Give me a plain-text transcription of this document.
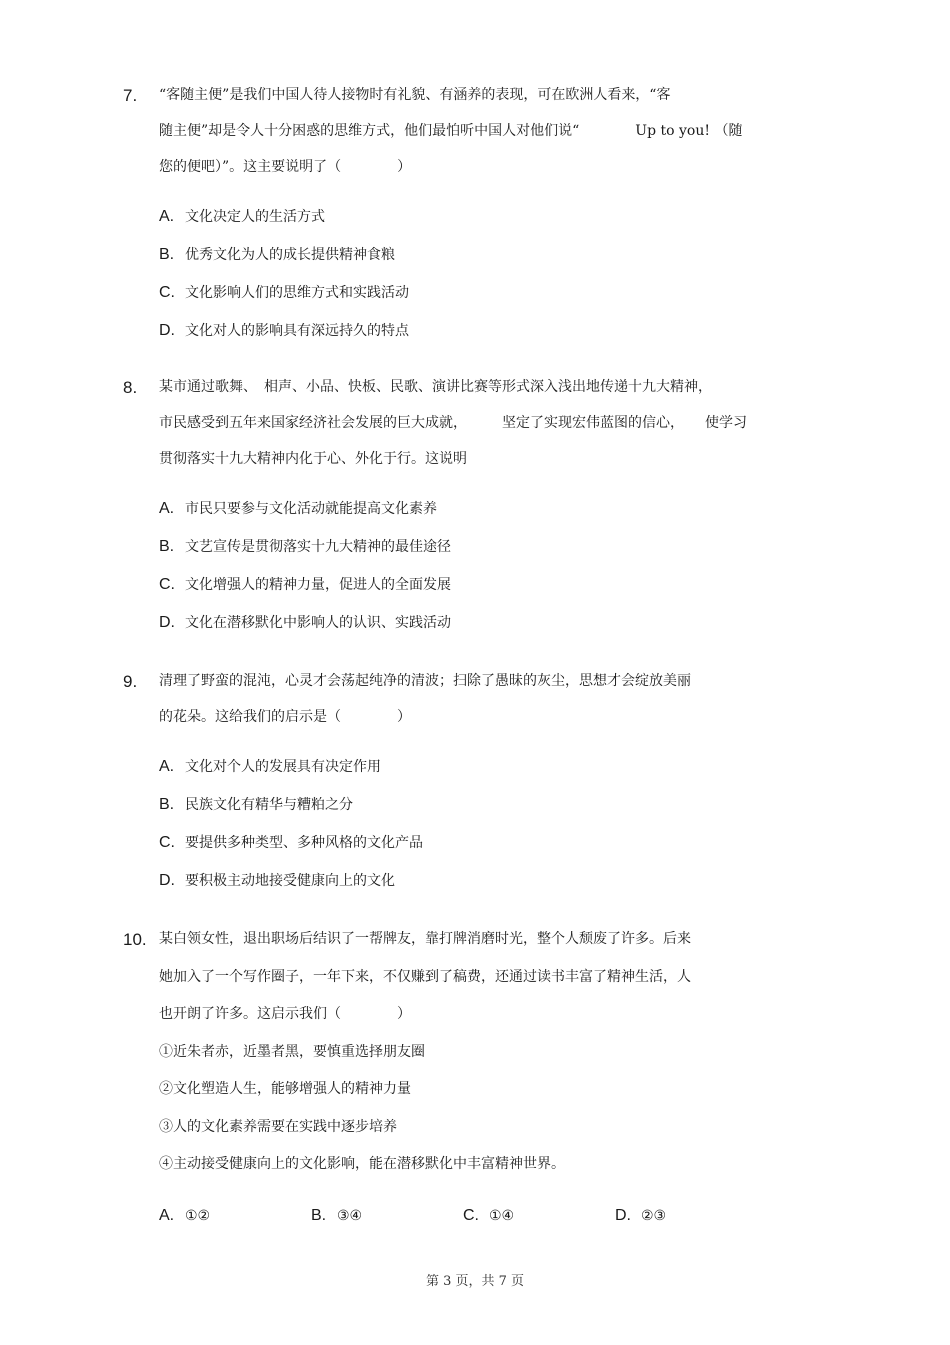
7. “客随主便”是我们中国人待人接物时有礼貌、有涵养的表现，可在欧洲人看来，“客
随主便”却是令人十分困惑的思维方式，他们最怕听中国人对他们说“　　　　Up to you! （随
您的便吧）”。这主要说明了（　　　　）
A. 文化决定人的生活方式
B. 优秀文化为人的成长提供精神食粮
C. 文化影响人们的思维方式和实践活动
D. 文化对人的影响具有深远持久的特点
8. 某市通过歌舞、　相声、小品、快板、民歌、演讲比赛等形式深入浅出地传递十九大精神，
市民感受到五年来国家经济社会发展的巨大成就，　　　坚定了实现宏伟蓝图的信心，　　使学习
贯彻落实十九大精神内化于心、外化于行。这说明
A. 市民只要参与文化活动就能提高文化素养
B. 文艺宣传是贯彻落实十九大精神的最佳途径
C. 文化增强人的精神力量，促进人的全面发展
D. 文化在潜移默化中影响人的认识、实践活动
9. 清理了野蛮的混沌，心灵才会荡起纯净的清波；扫除了愚昧的灰尘，思想才会绽放美丽
的花朵。这给我们的启示是（　　　　）
A. 文化对个人的发展具有决定作用
B. 民族文化有精华与糟粕之分
C. 要提供多种类型、多种风格的文化产品
D. 要积极主动地接受健康向上的文化
10. 某白领女性，退出职场后结识了一帮牌友，靠打牌消磨时光，整个人颓废了许多。后来
她加入了一个写作圈子，一年下来，不仅赚到了稿费，还通过读书丰富了精神生活，人
也开朗了许多。这启示我们（　　　　）
①近朱者赤，近墨者黑，要慎重选择朋友圈
②文化塑造人生，能够增强人的精神力量
③人的文化素养需要在实践中逐步培养
④主动接受健康向上的文化影响，能在潜移默化中丰富精神世界。
A. ①②	B. ③④	C. ①④	D. ②③
第 3 页，共 7 页
